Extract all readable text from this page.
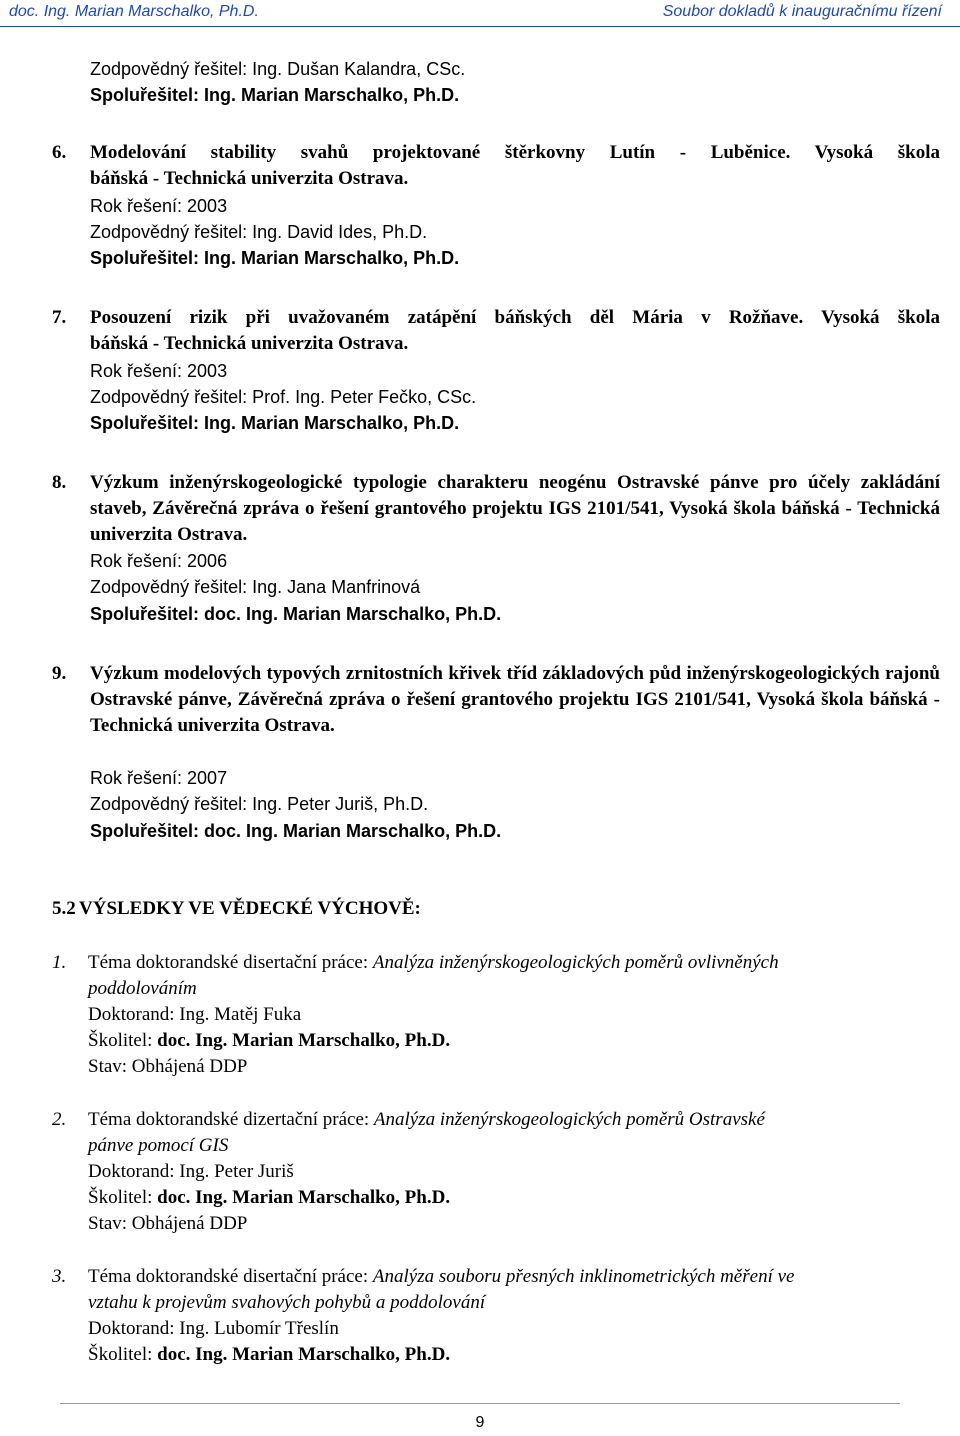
doc. Ing. Marian Marschalko, Ph.D.	Soubor dokladů k inauguračnímu řízení
Zodpovědný řešitel: Ing. Dušan Kalandra, CSc.
Spoluřešitel: Ing. Marian Marschalko, Ph.D.
6. Modelování stability svahů projektované štěrkovny Lutín - Luběnice. Vysoká škola
báňská - Technická univerzita Ostrava.
Rok řešení: 2003
Zodpovědný řešitel: Ing. David Ides, Ph.D.
Spoluřešitel: Ing. Marian Marschalko, Ph.D.
7. Posouzení rizik při uvažovaném zatápění báňských děl Mária v Rožňave. Vysoká škola
báňská - Technická univerzita Ostrava.
Rok řešení: 2003
Zodpovědný řešitel: Prof. Ing. Peter Fečko, CSc.
Spoluřešitel: Ing. Marian Marschalko, Ph.D.
8. Výzkum inženýrskogeologické typologie charakteru neogénu Ostravské pánve pro účely zakládání staveb, Závěrečná zpráva o řešení grantového projektu IGS 2101/541, Vysoká škola báňská - Technická univerzita Ostrava.
Rok řešení: 2006
Zodpovědný řešitel: Ing. Jana Manfrinová
Spoluřešitel: doc. Ing. Marian Marschalko, Ph.D.
9. Výzkum modelových typových zrnitostních křivek tříd základových půd inženýrskogeologických rajonů Ostravské pánve, Závěrečná zpráva o řešení grantového projektu IGS 2101/541, Vysoká škola báňská - Technická univerzita Ostrava.
Rok řešení: 2007
Zodpovědný řešitel: Ing. Peter Juriš, Ph.D.
Spoluřešitel: doc. Ing. Marian Marschalko, Ph.D.
5.2 VÝSLEDKY VE VĚDECKÉ VÝCHOVĚ:
1. Téma doktorandské disertační práce: Analýza inženýrskogeologických poměrů ovlivněných
poddolováním
Doktorand: Ing. Matěj Fuka
Školitel: doc. Ing. Marian Marschalko, Ph.D.
Stav: Obhájená DDP
2. Téma doktorandské dizertační práce: Analýza inženýrskogeologických poměrů Ostravské
pánve pomocí GIS
Doktorand: Ing. Peter Juriš
Školitel: doc. Ing. Marian Marschalko, Ph.D.
Stav: Obhájená DDP
3. Téma doktorandské disertační práce: Analýza souboru přesných inklinometrických měření ve
vztahu k projevům svahových pohybů a poddolování
Doktorand: Ing. Lubomír Třeslín
Školitel: doc. Ing. Marian Marschalko, Ph.D.
9
